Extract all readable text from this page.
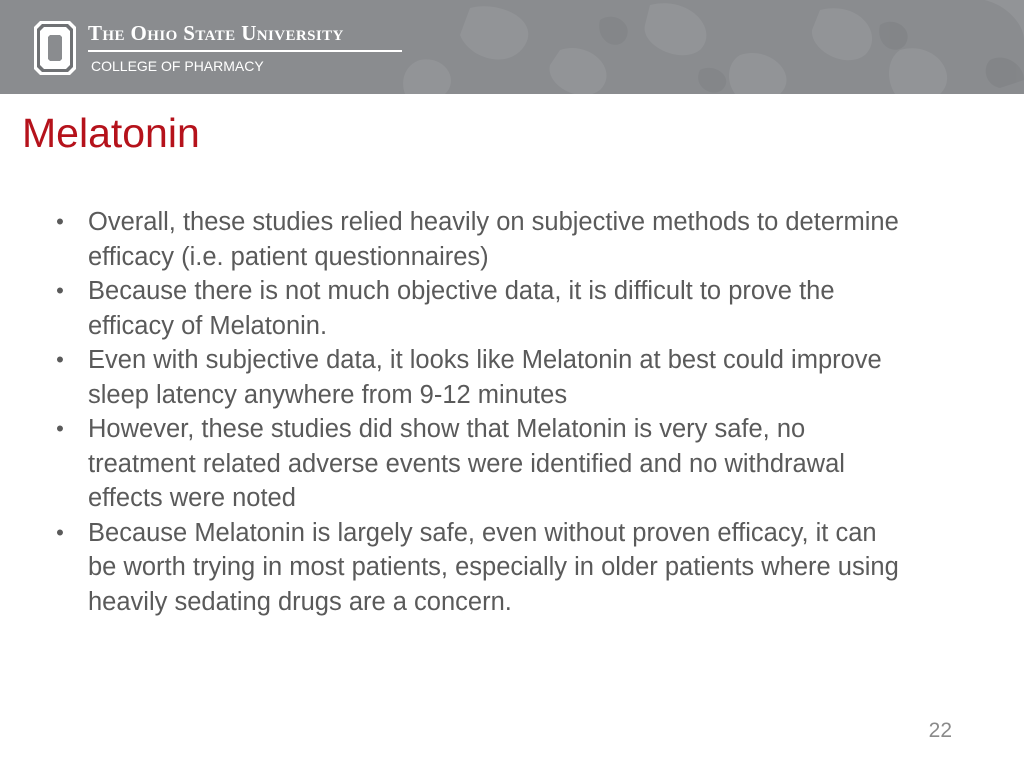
The Ohio State University

COLLEGE OF PHARMACY

Melatonin
• Overall, these studies relied heavily on subjective methods to determine efficacy (i.e. patient questionnaires)
• Because there is not much objective data, it is difficult to prove the efficacy of Melatonin.
• Even with subjective data, it looks like Melatonin at best could improve sleep latency anywhere from 9-12 minutes
• However, these studies did show that Melatonin is very safe, no treatment related adverse events were identified and no withdrawal effects were noted
• Because Melatonin is largely safe, even without proven efficacy, it can be worth trying in most patients, especially in older patients where using heavily sedating drugs are a concern.

22
